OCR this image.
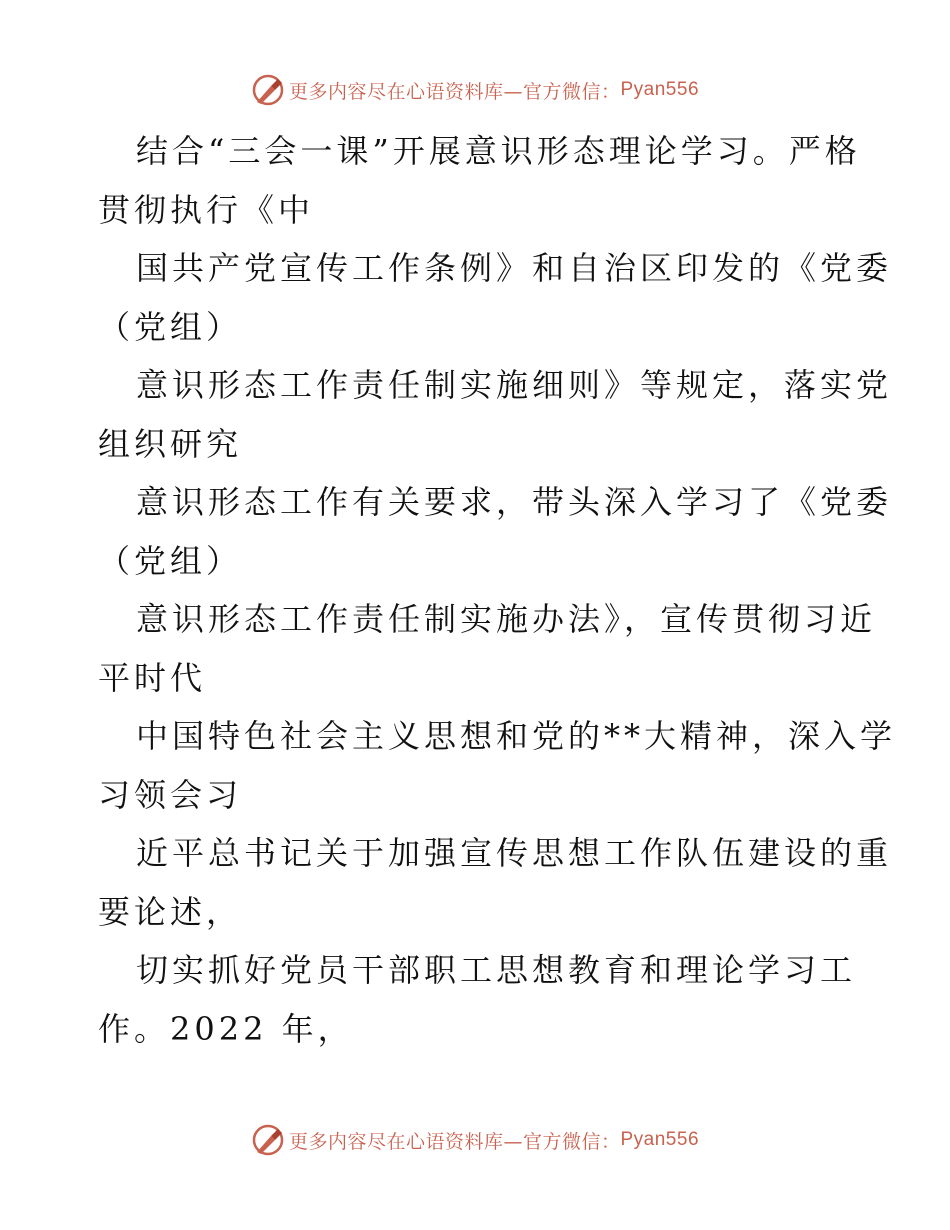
更多内容尽在心语资料库—官方微信： Pyan556
结合“三会一课”开展意识形态理论学习。严格
贯彻执行《中
国共产党宣传工作条例》和自治区印发的《党委
（党组）
意识形态工作责任制实施细则》等规定，落实党
组织研究
意识形态工作有关要求，带头深入学习了《党委
（党组）
意识形态工作责任制实施办法》，宣传贯彻习近
平时代
中国特色社会主义思想和党的**大精神，深入学
习领会习
近平总书记关于加强宣传思想工作队伍建设的重
要论述，
切实抓好党员干部职工思想教育和理论学习工
作。2022 年，
更多内容尽在心语资料库—官方微信： Pyan556
